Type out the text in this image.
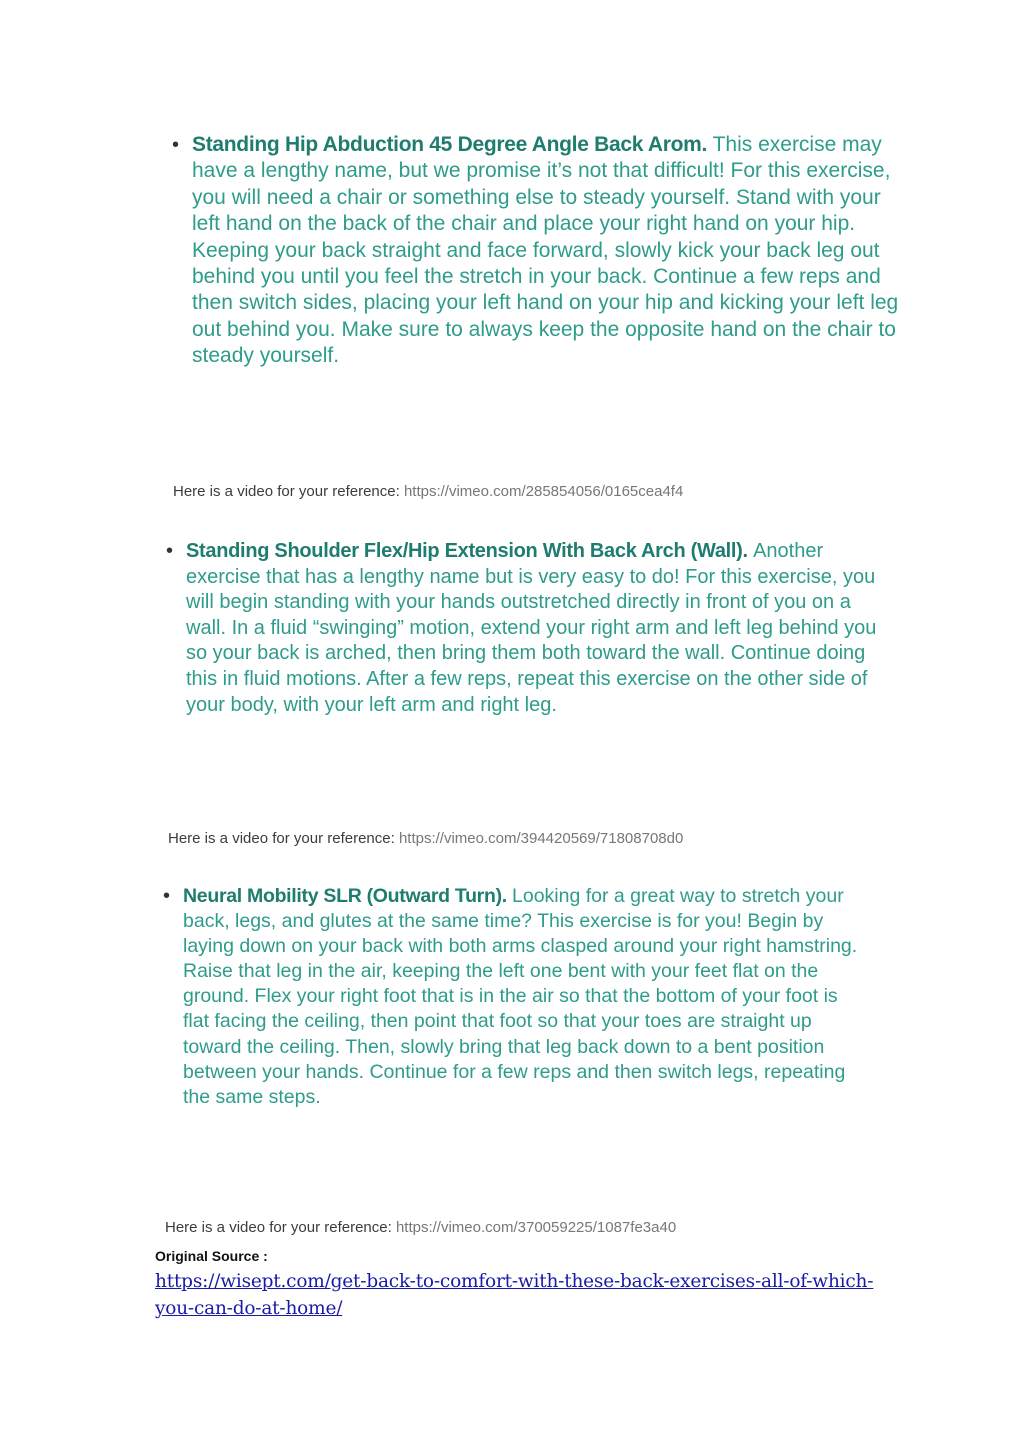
• Standing Hip Abduction 45 Degree Angle Back Arom. This exercise may have a lengthy name, but we promise it’s not that difficult! For this exercise, you will need a chair or something else to steady yourself. Stand with your left hand on the back of the chair and place your right hand on your hip. Keeping your back straight and face forward, slowly kick your back leg out behind you until you feel the stretch in your back. Continue a few reps and then switch sides, placing your left hand on your hip and kicking your left leg out behind you. Make sure to always keep the opposite hand on the chair to steady yourself.
Here is a video for your reference: https://vimeo.com/285854056/0165cea4f4
• Standing Shoulder Flex/Hip Extension With Back Arch (Wall). Another exercise that has a lengthy name but is very easy to do! For this exercise, you will begin standing with your hands outstretched directly in front of you on a wall. In a fluid “swinging” motion, extend your right arm and left leg behind you so your back is arched, then bring them both toward the wall. Continue doing this in fluid motions. After a few reps, repeat this exercise on the other side of your body, with your left arm and right leg.
Here is a video for your reference: https://vimeo.com/394420569/71808708d0
• Neural Mobility SLR (Outward Turn). Looking for a great way to stretch your back, legs, and glutes at the same time? This exercise is for you! Begin by laying down on your back with both arms clasped around your right hamstring. Raise that leg in the air, keeping the left one bent with your feet flat on the ground. Flex your right foot that is in the air so that the bottom of your foot is flat facing the ceiling, then point that foot so that your toes are straight up toward the ceiling. Then, slowly bring that leg back down to a bent position between your hands. Continue for a few reps and then switch legs, repeating the same steps.
Here is a video for your reference: https://vimeo.com/370059225/1087fe3a40
Original Source :
https://wisept.com/get-back-to-comfort-with-these-back-exercises-all-of-which-you-can-do-at-home/
